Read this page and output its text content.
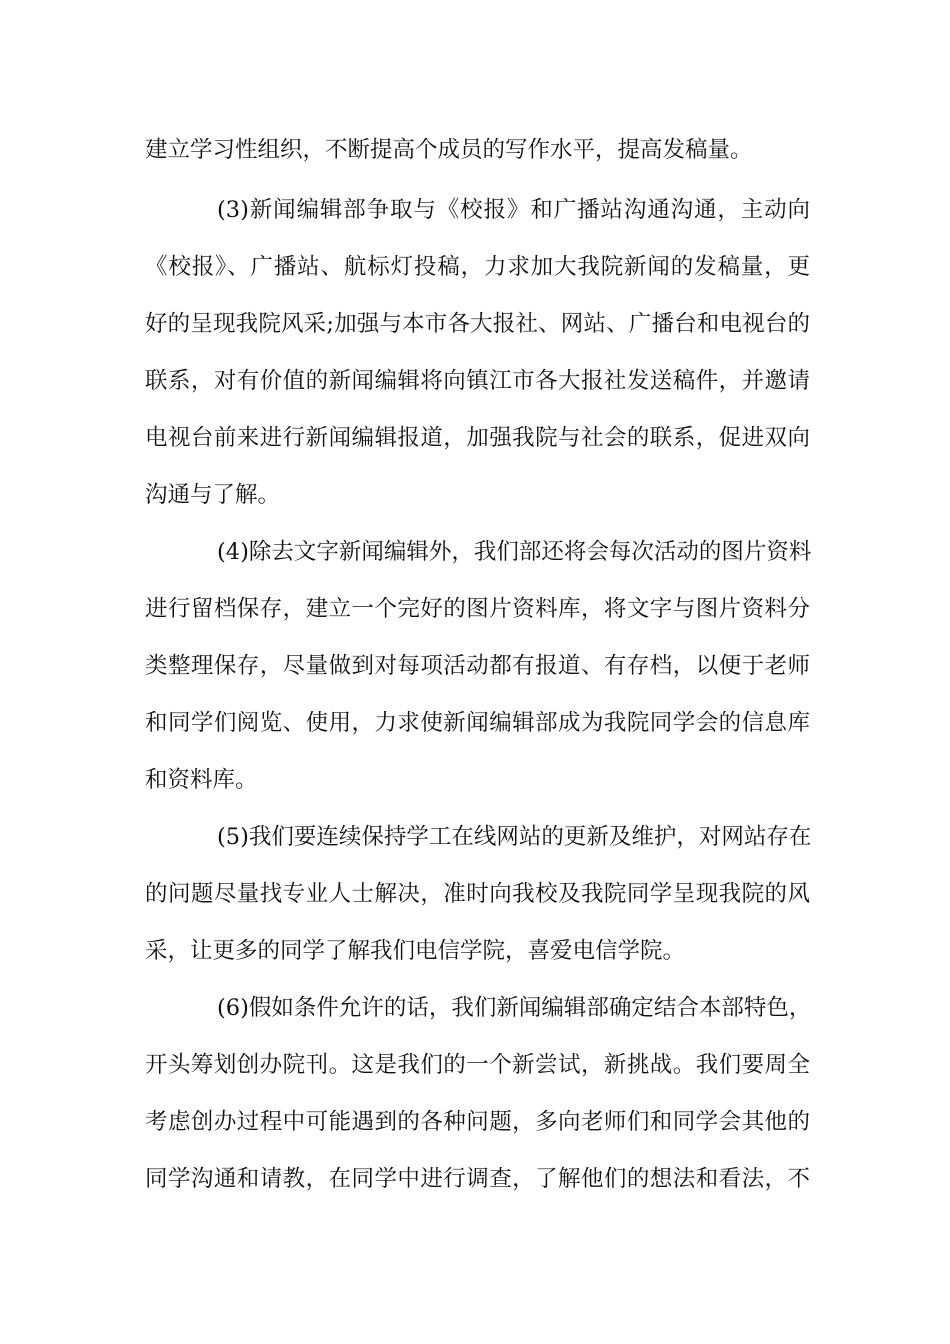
建立学习性组织，不断提高个成员的写作水平，提高发稿量。
(3)新闻编辑部争取与《校报》和广播站沟通沟通，主动向
《校报》、广播站、航标灯投稿，力求加大我院新闻的发稿量，更
好的呈现我院风采;加强与本市各大报社、网站、广播台和电视台的
联系，对有价值的新闻编辑将向镇江市各大报社发送稿件，并邀请
电视台前来进行新闻编辑报道，加强我院与社会的联系，促进双向
沟通与了解。
(4)除去文字新闻编辑外，我们部还将会每次活动的图片资料
进行留档保存，建立一个完好的图片资料库，将文字与图片资料分
类整理保存，尽量做到对每项活动都有报道、有存档，以便于老师
和同学们阅览、使用，力求使新闻编辑部成为我院同学会的信息库
和资料库。
(5)我们要连续保持学工在线网站的更新及维护，对网站存在
的问题尽量找专业人士解决，准时向我校及我院同学呈现我院的风
采，让更多的同学了解我们电信学院，喜爱电信学院。
(6)假如条件允许的话，我们新闻编辑部确定结合本部特色，
开头筹划创办院刊。这是我们的一个新尝试，新挑战。我们要周全
考虑创办过程中可能遇到的各种问题，多向老师们和同学会其他的
同学沟通和请教，在同学中进行调查，了解他们的想法和看法，不
